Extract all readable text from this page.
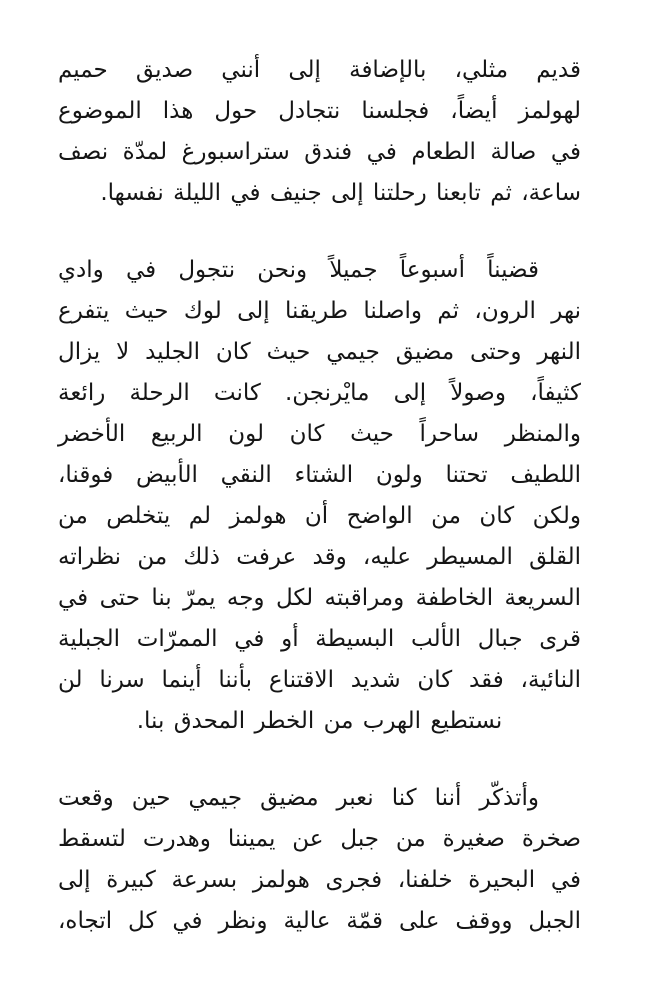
قديم مثلي، بالإضافة إلى أنني صديق حميم
لهولمز أيضاً، فجلسنا نتجادل حول هذا الموضوع
في صالة الطعام في فندق ستراسبورغ لمدّة نصف
ساعة، ثم تابعنا رحلتنا إلى جنيف في الليلة نفسها.
قضيناً أسبوعاً جميلاً ونحن نتجول في وادي
نهر الرون، ثم واصلنا طريقنا إلى لوك حيث يتفرع
النهر وحتى مضيق جيمي حيث كان الجليد لا يزال
كثيفاً، وصولاً إلى مايْرنجن. كانت الرحلة رائعة
والمنظر ساحراً حيث كان لون الربيع الأخضر
اللطيف تحتنا ولون الشتاء النقي الأبيض فوقنا،
ولكن كان من الواضح أن هولمز لم يتخلص من
القلق المسيطر عليه، وقد عرفت ذلك من نظراته
السريعة الخاطفة ومراقبته لكل وجه يمرّ بنا حتى في
قرى جبال الألب البسيطة أو في الممرّات الجبلية
النائية، فقد كان شديد الاقتناع بأننا أينما سرنا لن
نستطيع الهرب من الخطر المحدق بنا.
وأتذكّر أننا كنا نعبر مضيق جيمي حين وقعت
صخرة صغيرة من جبل عن يميننا وهدرت لتسقط
في البحيرة خلفنا، فجرى هولمز بسرعة كبيرة إلى
الجبل ووقف على قمّة عالية ونظر في كل اتجاه،
